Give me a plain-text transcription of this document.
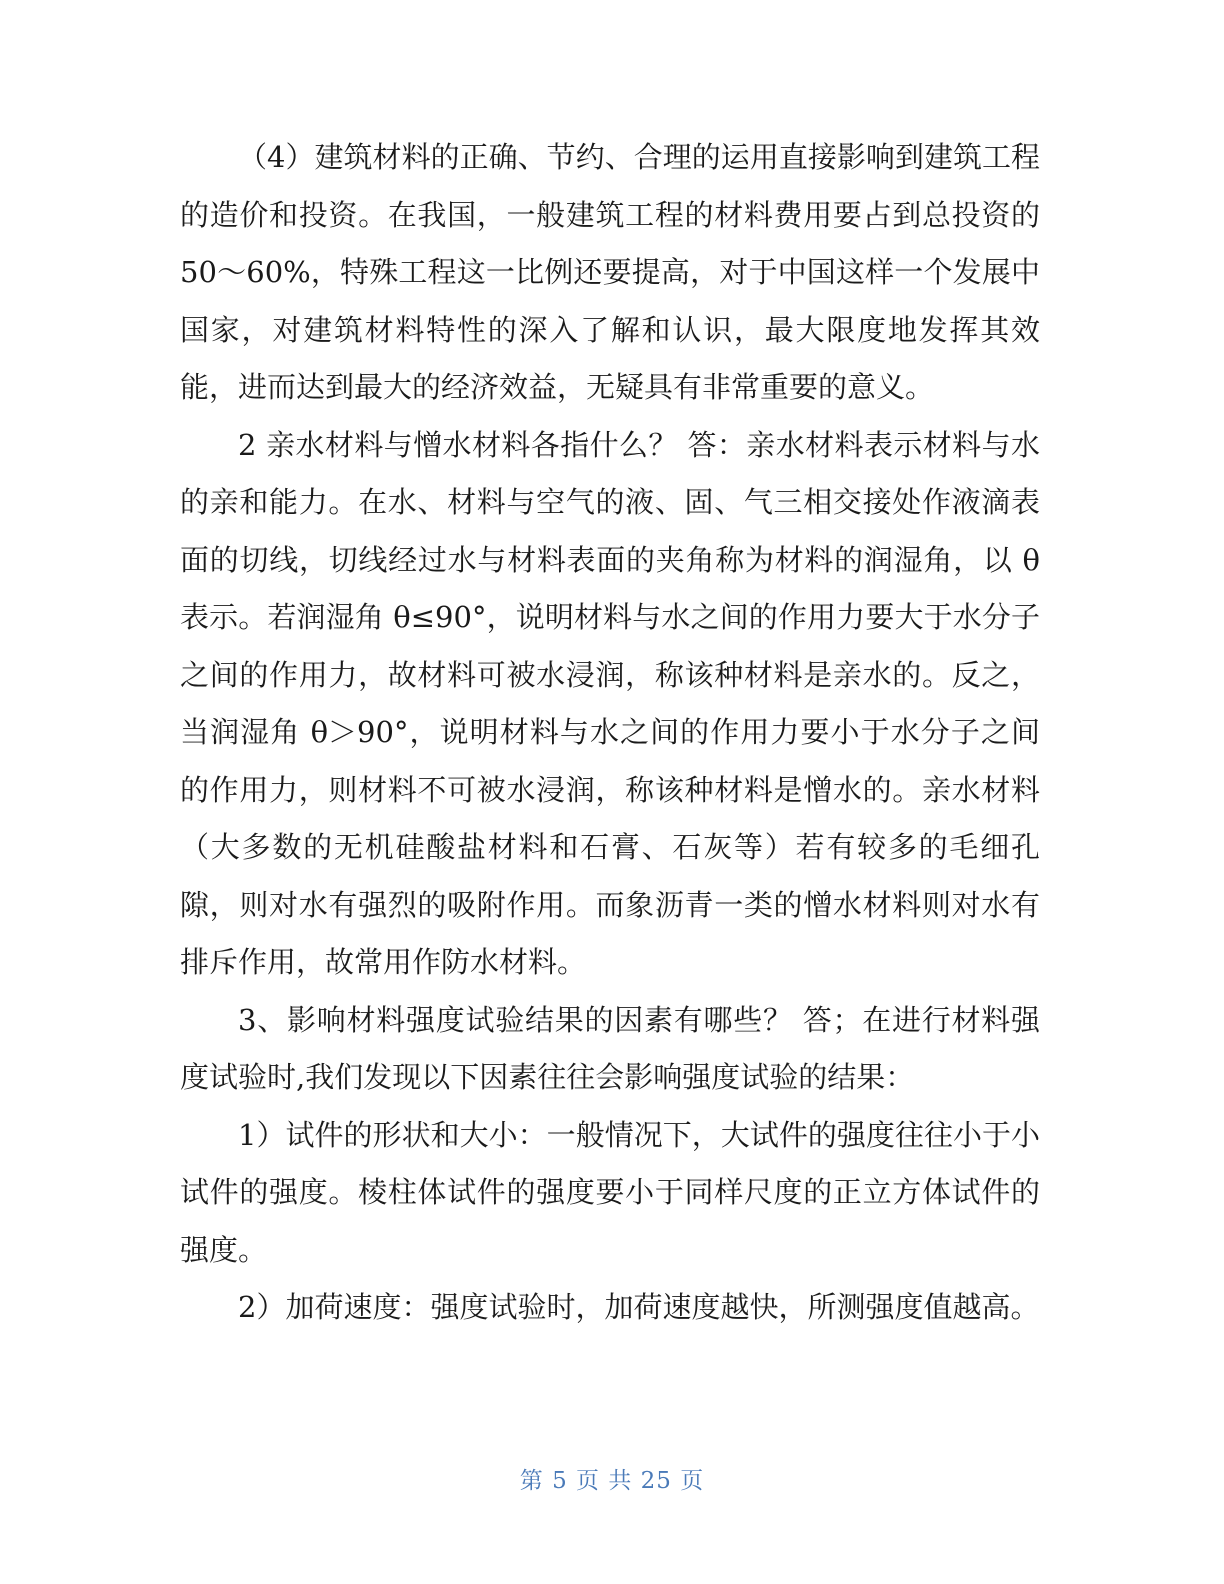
（4）建筑材料的正确、节约、合理的运用直接影响到建筑工程的造价和投资。在我国，一般建筑工程的材料费用要占到总投资的 50～60%，特殊工程这一比例还要提高，对于中国这样一个发展中国家，对建筑材料特性的深入了解和认识，最大限度地发挥其效能，进而达到最大的经济效益，无疑具有非常重要的意义。

2 亲水材料与憎水材料各指什么？ 答：亲水材料表示材料与水的亲和能力。在水、材料与空气的液、固、气三相交接处作液滴表面的切线，切线经过水与材料表面的夹角称为材料的润湿角，以 θ 表示。若润湿角 θ≤90°，说明材料与水之间的作用力要大于水分子之间的作用力，故材料可被水浸润，称该种材料是亲水的。反之，当润湿角 θ＞90°，说明材料与水之间的作用力要小于水分子之间的作用力，则材料不可被水浸润，称该种材料是憎水的。亲水材料（大多数的无机硅酸盐材料和石膏、石灰等）若有较多的毛细孔隙，则对水有强烈的吸附作用。而象沥青一类的憎水材料则对水有排斥作用，故常用作防水材料。

3、影响材料强度试验结果的因素有哪些？ 答；在进行材料强度试验时,我们发现以下因素往往会影响强度试验的结果：

1）试件的形状和大小：一般情况下，大试件的强度往往小于小试件的强度。棱柱体试件的强度要小于同样尺度的正立方体试件的强度。

2）加荷速度：强度试验时，加荷速度越快，所测强度值越高。

第 5 页 共 25 页
